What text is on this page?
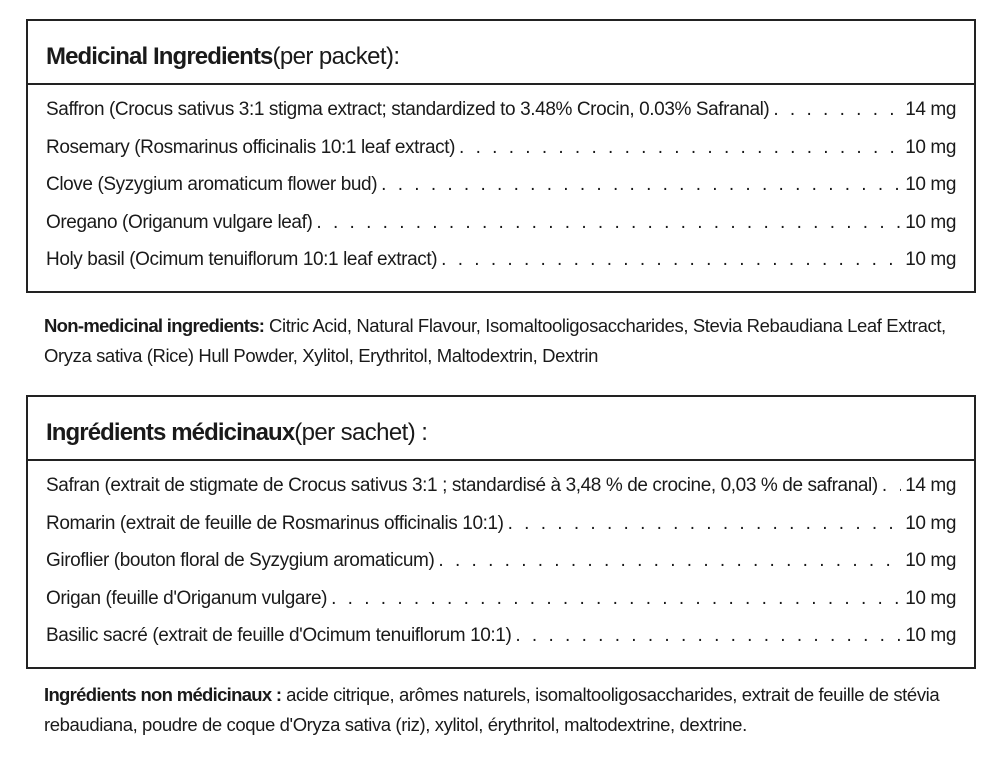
Medicinal Ingredients (per packet):
Saffron (Crocus sativus 3:1 stigma extract; standardized to 3.48% Crocin, 0.03% Safranal) . . .	14 mg
Rosemary (Rosmarinus officinalis 10:1 leaf extract) . . .	10 mg
Clove (Syzygium aromaticum flower bud) . . .	10 mg
Oregano (Origanum vulgare leaf) . . .	10 mg
Holy basil (Ocimum tenuiflorum 10:1 leaf extract) . . .	10 mg
Non-medicinal ingredients: Citric Acid, Natural Flavour, Isomaltooligosaccharides, Stevia Rebaudiana Leaf Extract, Oryza sativa (Rice) Hull Powder, Xylitol, Erythritol, Maltodextrin, Dextrin
Ingrédients médicinaux (per sachet) :
Safran (extrait de stigmate de Crocus sativus 3:1 ; standardisé à 3,48 % de crocine, 0,03 % de safranal) . . . 14 mg
Romarin (extrait de feuille de Rosmarinus officinalis 10:1) . . .	10 mg
Giroflier (bouton floral de Syzygium aromaticum) . . .	10 mg
Origan (feuille d'Origanum vulgare) . . .	10 mg
Basilic sacré (extrait de feuille d'Ocimum tenuiflorum 10:1) . . .	10 mg
Ingrédients non médicinaux : acide citrique, arômes naturels, isomaltooligosaccharides, extrait de feuille de stévia rebaudiana, poudre de coque d'Oryza sativa (riz), xylitol, érythritol, maltodextrine, dextrine.
